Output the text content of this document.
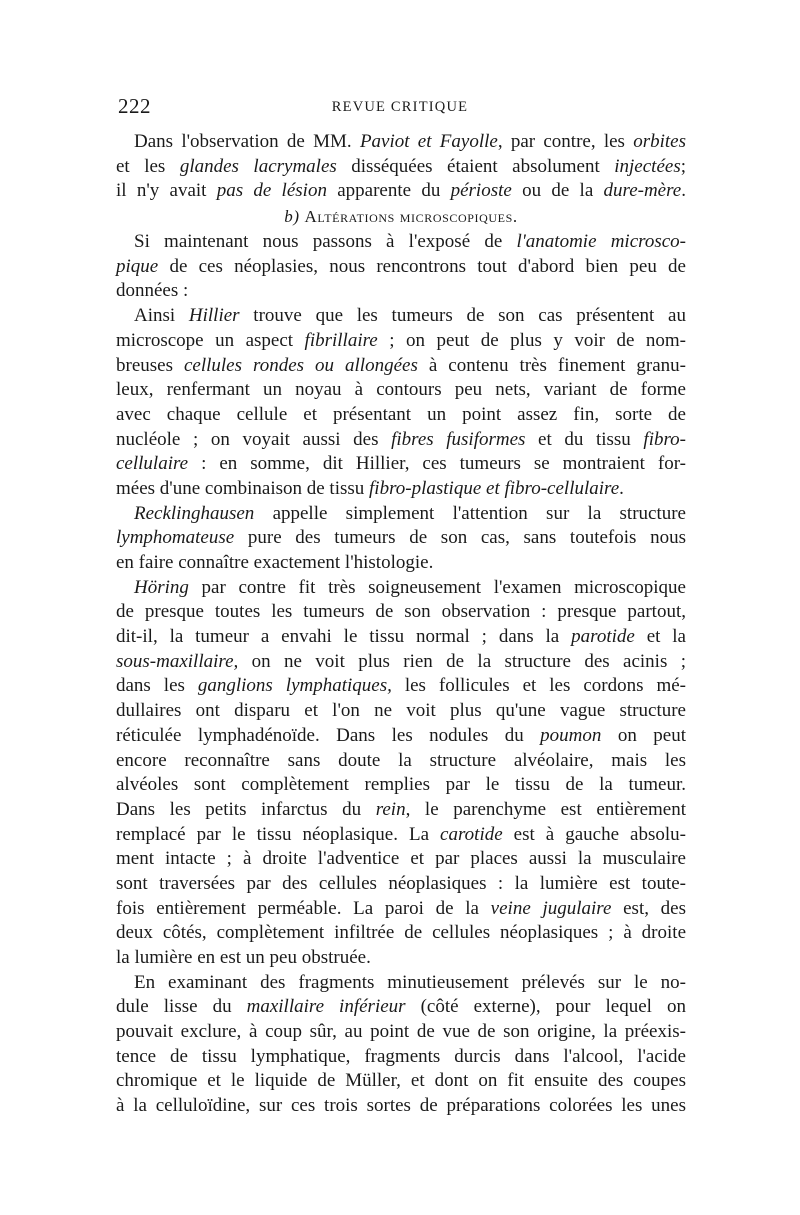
222	REVUE CRITIQUE
Dans l'observation de MM. Paviot et Fayolle, par contre, les orbites
et les glandes lacrymales disséquées étaient absolument injectées;
il n'y avait pas de lésion apparente du périoste ou de la dure-mère.
b) Altérations microscopiques.
Si maintenant nous passons à l'exposé de l'anatomie microsco-
pique de ces néoplasies, nous rencontrons tout d'abord bien peu de
données :
Ainsi Hillier trouve que les tumeurs de son cas présentent au
microscope un aspect fibrillaire ; on peut de plus y voir de nom-
breuses cellules rondes ou allongées à contenu très finement granu-
leux, renfermant un noyau à contours peu nets, variant de forme
avec chaque cellule et présentant un point assez fin, sorte de
nucléole ; on voyait aussi des fibres fusiformes et du tissu fibro-
cellulaire : en somme, dit Hillier, ces tumeurs se montraient for-
mées d'une combinaison de tissu fibro-plastique et fibro-cellulaire.
Recklinghausen appelle simplement l'attention sur la structure
lymphomateuse pure des tumeurs de son cas, sans toutefois nous
en faire connaître exactement l'histologie.
Höring par contre fit très soigneusement l'examen microscopique
de presque toutes les tumeurs de son observation : presque partout,
dit-il, la tumeur a envahi le tissu normal ; dans la parotide et la
sous-maxillaire, on ne voit plus rien de la structure des acinis ;
dans les ganglions lymphatiques, les follicules et les cordons mé-
dullaires ont disparu et l'on ne voit plus qu'une vague structure
réticulée lymphadénoïde. Dans les nodules du poumon on peut
encore reconnaître sans doute la structure alvéolaire, mais les
alvéoles sont complètement remplies par le tissu de la tumeur.
Dans les petits infarctus du rein, le parenchyme est entièrement
remplacé par le tissu néoplasique. La carotide est à gauche absolu-
ment intacte ; à droite l'adventice et par places aussi la musculaire
sont traversées par des cellules néoplasiques : la lumière est toute-
fois entièrement perméable. La paroi de la veine jugulaire est, des
deux côtés, complètement infiltrée de cellules néoplasiques ; à droite
la lumière en est un peu obstruée.
En examinant des fragments minutieusement prélevés sur le no-
dule lisse du maxillaire inférieur (côté externe), pour lequel on
pouvait exclure, à coup sûr, au point de vue de son origine, la préexis-
tence de tissu lymphatique, fragments durcis dans l'alcool, l'acide
chromique et le liquide de Müller, et dont on fit ensuite des coupes
à la celluloïdine, sur ces trois sortes de préparations colorées les unes
